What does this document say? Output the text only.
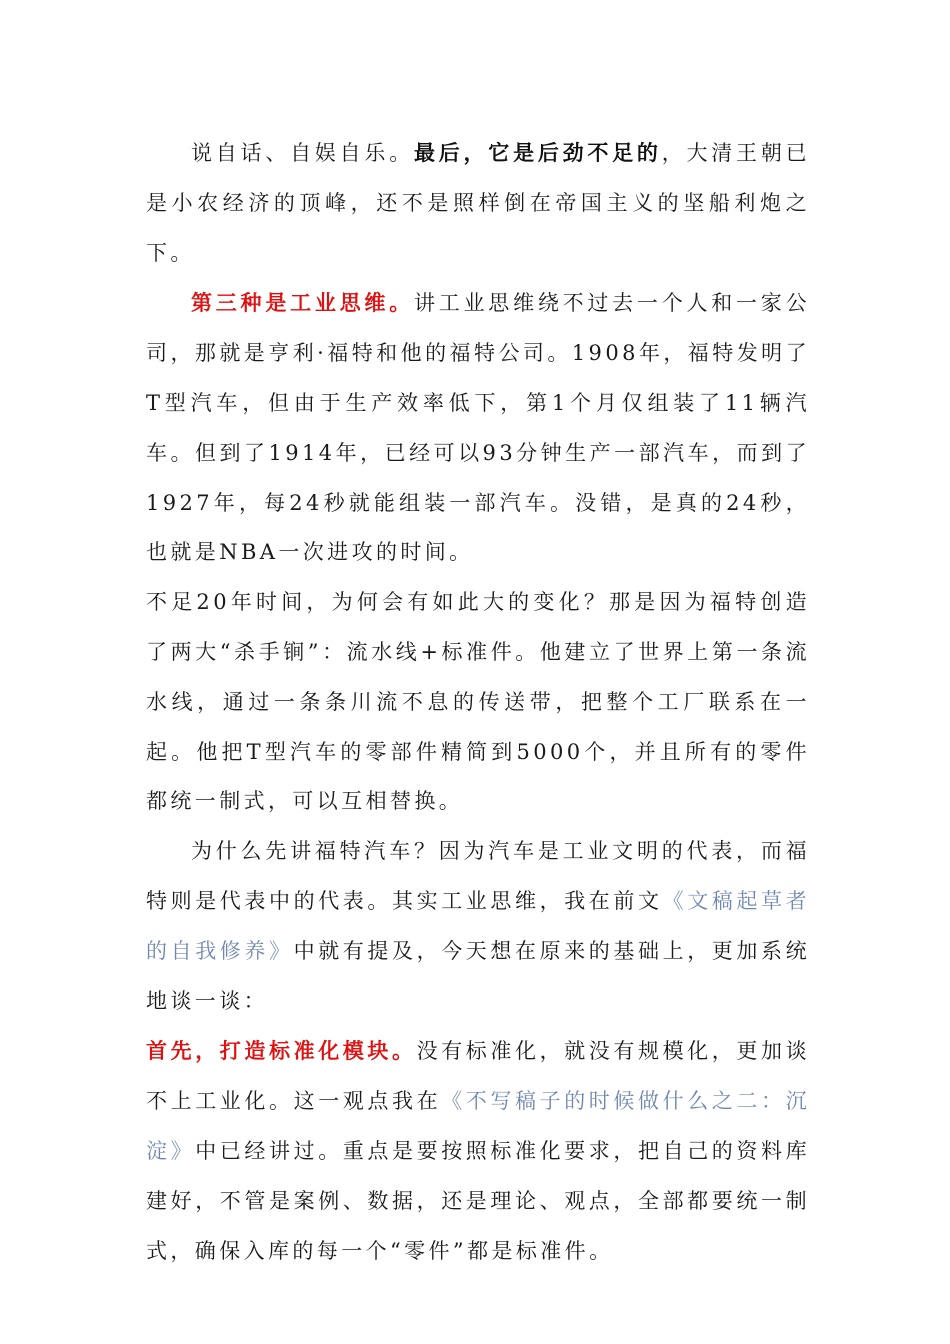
说自话、自娱自乐。最后，它是后劲不足的，大清王朝已是小农经济的顶峰，还不是照样倒在帝国主义的坚船利炮之下。

第三种是工业思维。讲工业思维绕不过去一个人和一家公司，那就是亨利·福特和他的福特公司。1908年，福特发明了T型汽车，但由于生产效率低下，第1个月仅组装了11辆汽车。但到了1914年，已经可以93分钟生产一部汽车，而到了1927年，每24秒就能组装一部汽车。没错，是真的24秒，也就是NBA一次进攻的时间。

不足20年时间，为何会有如此大的变化？那是因为福特创造了两大“杀手锏”：流水线+标准件。他建立了世界上第一条流水线，通过一条条川流不息的传送带，把整个工厂联系在一起。他把T型汽车的零部件精简到5000个，并且所有的零件都统一制式，可以互相替换。

为什么先讲福特汽车？因为汽车是工业文明的代表，而福特则是代表中的代表。其实工业思维，我在前文《文稿起草者的自我修养》中就有提及，今天想在原来的基础上，更加系统地谈一谈：

首先，打造标准化模块。没有标准化，就没有规模化，更加谈不上工业化。这一观点我在《不写稿子的时候做什么之二：沉淀》中已经讲过。重点是要按照标准化要求，把自己的资料库建好，不管是案例、数据，还是理论、观点，全部都要统一制式，确保入库的每一个“零件”都是标准件。
